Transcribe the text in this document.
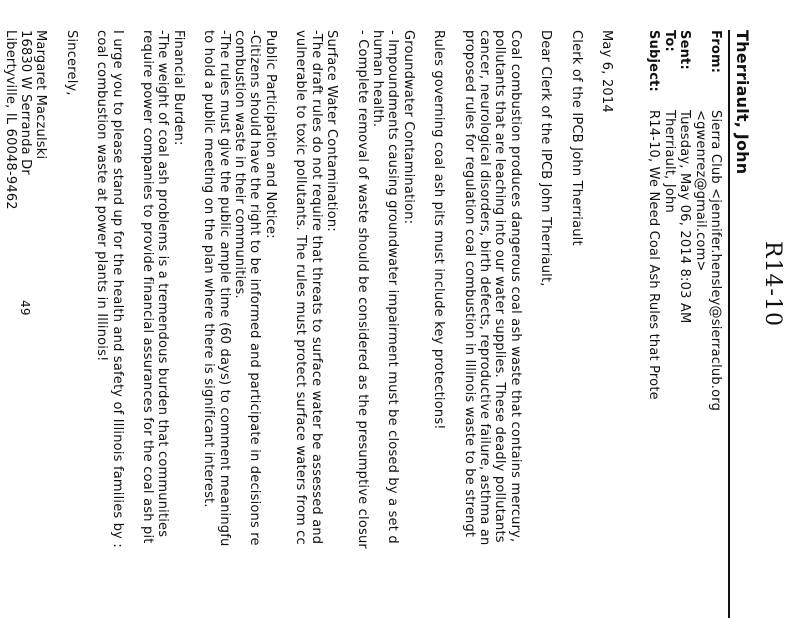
R14-10
Therriault, John
From:
Sierra Club <jennifer.hensley@sierraclub.org
<gwenrez@gmail.com>
Sent:
Tuesday, May 06, 2014 8:03 AM
To:
Therriault, John
Subject:
R14-10, We Need Coal Ash Rules that Prote

May 6, 2014

Clerk of the IPCB John Therriault

Dear Clerk of the IPCB John Therriault,

Coal combustion produces dangerous coal ash waste that contains mercury,
pollutants that are leaching into our water supplies. These deadly pollutants
cancer, neurological disorders, birth defects, reproductive failure, asthma an
proposed rules for regulation coal combustion in Illinois waste to be strengt

Rules governing coal ash pits must include key protections!

Groundwater Contamination:
- Impoundments causing groundwater impairment must be closed by a set d
human health.
- Complete removal of waste should be considered as the presumptive closur

Surface Water Contamination:
-The draft rules do not require that threats to surface water be assessed and
vulnerable to toxic pollutants. The rules must protect surface waters from cc

Public Participation and Notice:
-Citizens should have the right to be informed and participate in decisions re
combustion waste in their communities.
-The rules must give the public ample time (60 days) to comment meaningfu
to hold a public meeting on the plan where there is significant interest.

Financial Burden:
-The weight of coal ash problems is a tremendous burden that communities
require power companies to provide financial assurances for the coal ash pit

I urge you to please stand up for the health and safety of Illinois families by :
coal combustion waste at power plants in Illinois!

Sincerely,

Margaret Maczulski
16830 W Serranda Dr
Libertyville, IL 60048-9462

49
